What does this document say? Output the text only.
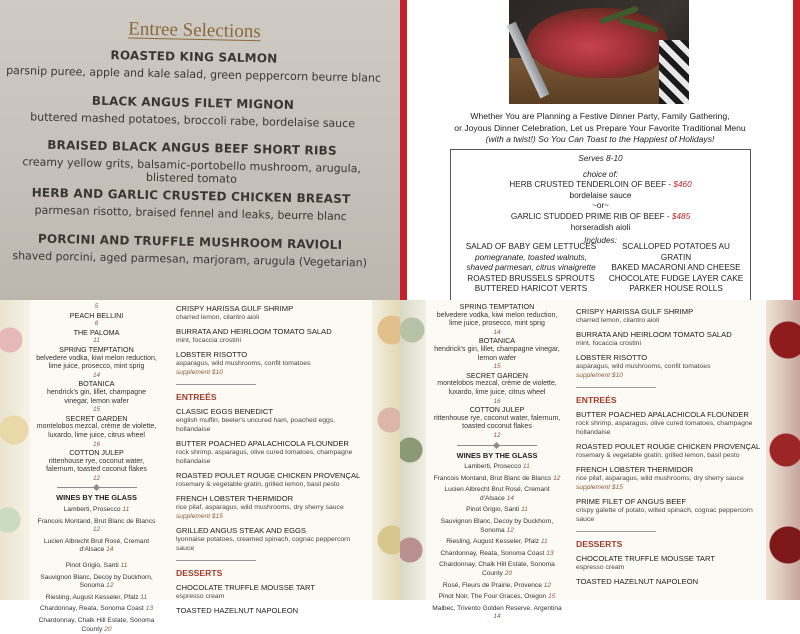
Entree Selections
ROASTED KING SALMON
parsnip puree, apple and kale salad, green peppercorn beurre blanc
BLACK ANGUS FILET MIGNON
buttered mashed potatoes, broccoli rabe, bordelaise sauce
BRAISED BLACK ANGUS BEEF SHORT RIBS
creamy yellow grits, balsamic-portobello mushroom, arugula, blistered tomato
HERB AND GARLIC CRUSTED CHICKEN BREAST
parmesan risotto, braised fennel and leaks, beurre blanc
PORCINI AND TRUFFLE MUSHROOM RAVIOLI
shaved porcini, aged parmesan, marjoram, arugula (Vegetarian)
Whether You are Planning a Festive Dinner Party, Family Gathering,
or Joyous Dinner Celebration, Let us Prepare Your Favorite Traditional Menu
(with a twist!) So You Can Toast to the Happiest of Holidays!
Serves 8-10
choice of:
HERB CRUSTED TENDERLOIN OF BEEF - $460
bordelaise sauce
~or~
GARLIC STUDDED PRIME RIB OF BEEF - $485
horseradish aioli
Includes:
SALAD OF BABY GEM LETTUCES
pomegranate, toasted walnuts,
shaved parmesan, citrus vinaigrette
ROASTED BRUSSELS SPROUTS
BUTTERED HARICOT VERTS
SCALLOPED POTATOES AU GRATIN
BAKED MACARONI AND CHEESE
CHOCOLATE FUDGE LAYER CAKE
PARKER HOUSE ROLLS
5
PEACH BELLINI
6
THE PALOMA
11
SPRING TEMPTATION
belvedere vodka, kiwi melon reduction, lime juice, prosecco, mint sprig
14
BOTANICA
hendrick's gin, lillet, champagne vinegar, lemon wafer
15
SECRET GARDEN
montelobos mezcal, crème de violette, luxardo, lime juice, citrus wheel
16
COTTON JULEP
rittenhouse rye, coconut water, falernum, toasted coconut flakes
12
WINES BY THE GLASS
Lamberti, Prosecco 11
Francois Montand, Brut Blanc de Blancs 12
Lucien Albrecht Brut Rosé, Cremant d'Alsace 14
Pinot Grigio, Santi 11
Sauvignon Blanc, Decoy by Duckhorn, Sonoma 12
Riesling, August Kesseler, Pfalz 11
Chardonnay, Reata, Sonoma Coast 13
Chardonnay, Chalk Hill Estate, Sonoma County 20
CRISPY HARISSA GULF SHRIMP
charred lemon, cilantro aioli
BURRATA AND HEIRLOOM TOMATO SALAD
mint, focaccia crostini
LOBSTER RISOTTO
asparagus, wild mushrooms, confit tomatoes
supplement $10
ENTREÉS
CLASSIC EGGS BENEDICT
english muffin, beeler's uncured ham, poached eggs, hollandaise
BUTTER POACHED APALACHICOLA FLOUNDER
rock shrimp, asparagus, olive cured tomatoes, champagne hollandaise
ROASTED POULET ROUGE CHICKEN PROVENÇAL
rosemary & vegetable gratin, grilled lemon, basil pesto
FRENCH LOBSTER THERMIDOR
rice pilaf, asparagus, wild mushrooms, dry sherry sauce
supplement $15
GRILLED ANGUS STEAK AND EGGS
lyonnaise potatoes, creamed spinach, cognac peppercorn sauce
DESSERTS
CHOCOLATE TRUFFLE MOUSSE TART
espresso cream
TOASTED HAZELNUT NAPOLEON
SPRING TEMPTATION
belvedere vodka, kiwi melon reduction, lime juice, prosecco, mint sprig
14
BOTANICA
hendrick's gin, lillet, champagne vinegar, lemon wafer
15
SECRET GARDEN
montelobos mezcal, crème de violette, luxardo, lime juice, citrus wheel
16
COTTON JULEP
rittenhouse rye, coconut water, falernum, toasted coconut flakes
12
WINES BY THE GLASS
Lamberti, Prosecco 11
Francois Montand, Brut Blanc de Blancs 12
Lucien Albrecht Brut Rosé, Cremant d'Alsace 14
Pinot Grigio, Santi 11
Sauvignon Blanc, Decoy by Duckhorn, Sonoma 12
Riesling, August Kesseler, Pfalz 11
Chardonnay, Reata, Sonoma Coast 13
Chardonnay, Chalk Hill Estate, Sonoma County 20
Rosé, Fleurs de Prairie, Provence 12
Pinot Noir, The Four Graces, Oregon 15
Malbec, Trivento Golden Reserve, Argentina 14
CRISPY HARISSA GULF SHRIMP
charred lemon, cilantro aioli
BURRATA AND HEIRLOOM TOMATO SALAD
mint, focaccia crostini
LOBSTER RISOTTO
asparagus, wild mushrooms, confit tomatoes
supplement $10
ENTREÉS
BUTTER POACHED APALACHICOLA FLOUNDER
rock shrimp, asparagus, olive cured tomatoes, champagne hollandaise
ROASTED POULET ROUGE CHICKEN PROVENÇAL
rosemary & vegetable gratin, grilled lemon, basil pesto
FRENCH LOBSTER THERMIDOR
rice pilaf, asparagus, wild mushrooms, dry sherry sauce
supplement $15
PRIME FILET OF ANGUS BEEF
crispy galette of potato, wilted spinach, cognac peppercorn sauce
DESSERTS
CHOCOLATE TRUFFLE MOUSSE TART
espresso cream
TOASTED HAZELNUT NAPOLEON
